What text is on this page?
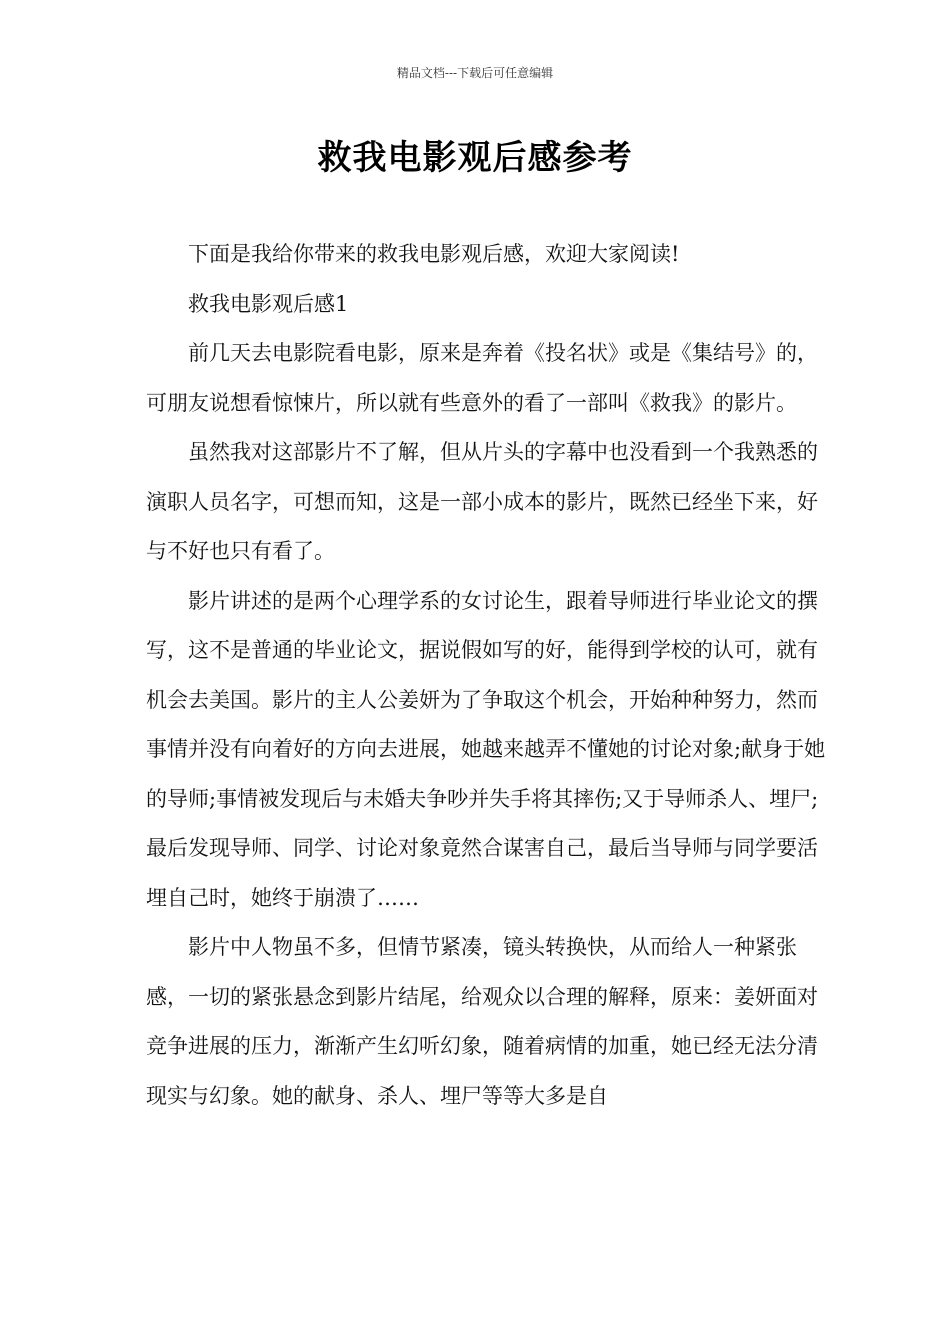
精品文档---下载后可任意编辑
救我电影观后感参考

下面是我给你带来的救我电影观后感，欢迎大家阅读!

救我电影观后感1

前几天去电影院看电影，原来是奔着《投名状》或是《集结号》的，可朋友说想看惊悚片，所以就有些意外的看了一部叫《救我》的影片。

虽然我对这部影片不了解，但从片头的字幕中也没看到一个我熟悉的演职人员名字，可想而知，这是一部小成本的影片，既然已经坐下来，好与不好也只有看了。

影片讲述的是两个心理学系的女讨论生，跟着导师进行毕业论文的撰写，这不是普通的毕业论文，据说假如写的好，能得到学校的认可，就有机会去美国。影片的主人公姜妍为了争取这个机会，开始种种努力，然而事情并没有向着好的方向去进展，她越来越弄不懂她的讨论对象;献身于她的导师;事情被发现后与未婚夫争吵并失手将其摔伤;又于导师杀人、埋尸;最后发现导师、同学、讨论对象竟然合谋害自己，最后当导师与同学要活埋自己时，她终于崩溃了……

影片中人物虽不多，但情节紧凑，镜头转换快，从而给人一种紧张感，一切的紧张悬念到影片结尾，给观众以合理的解释，原来：姜妍面对竞争进展的压力，渐渐产生幻听幻象，随着病情的加重，她已经无法分清现实与幻象。她的献身、杀人、埋尸等等大多是自
